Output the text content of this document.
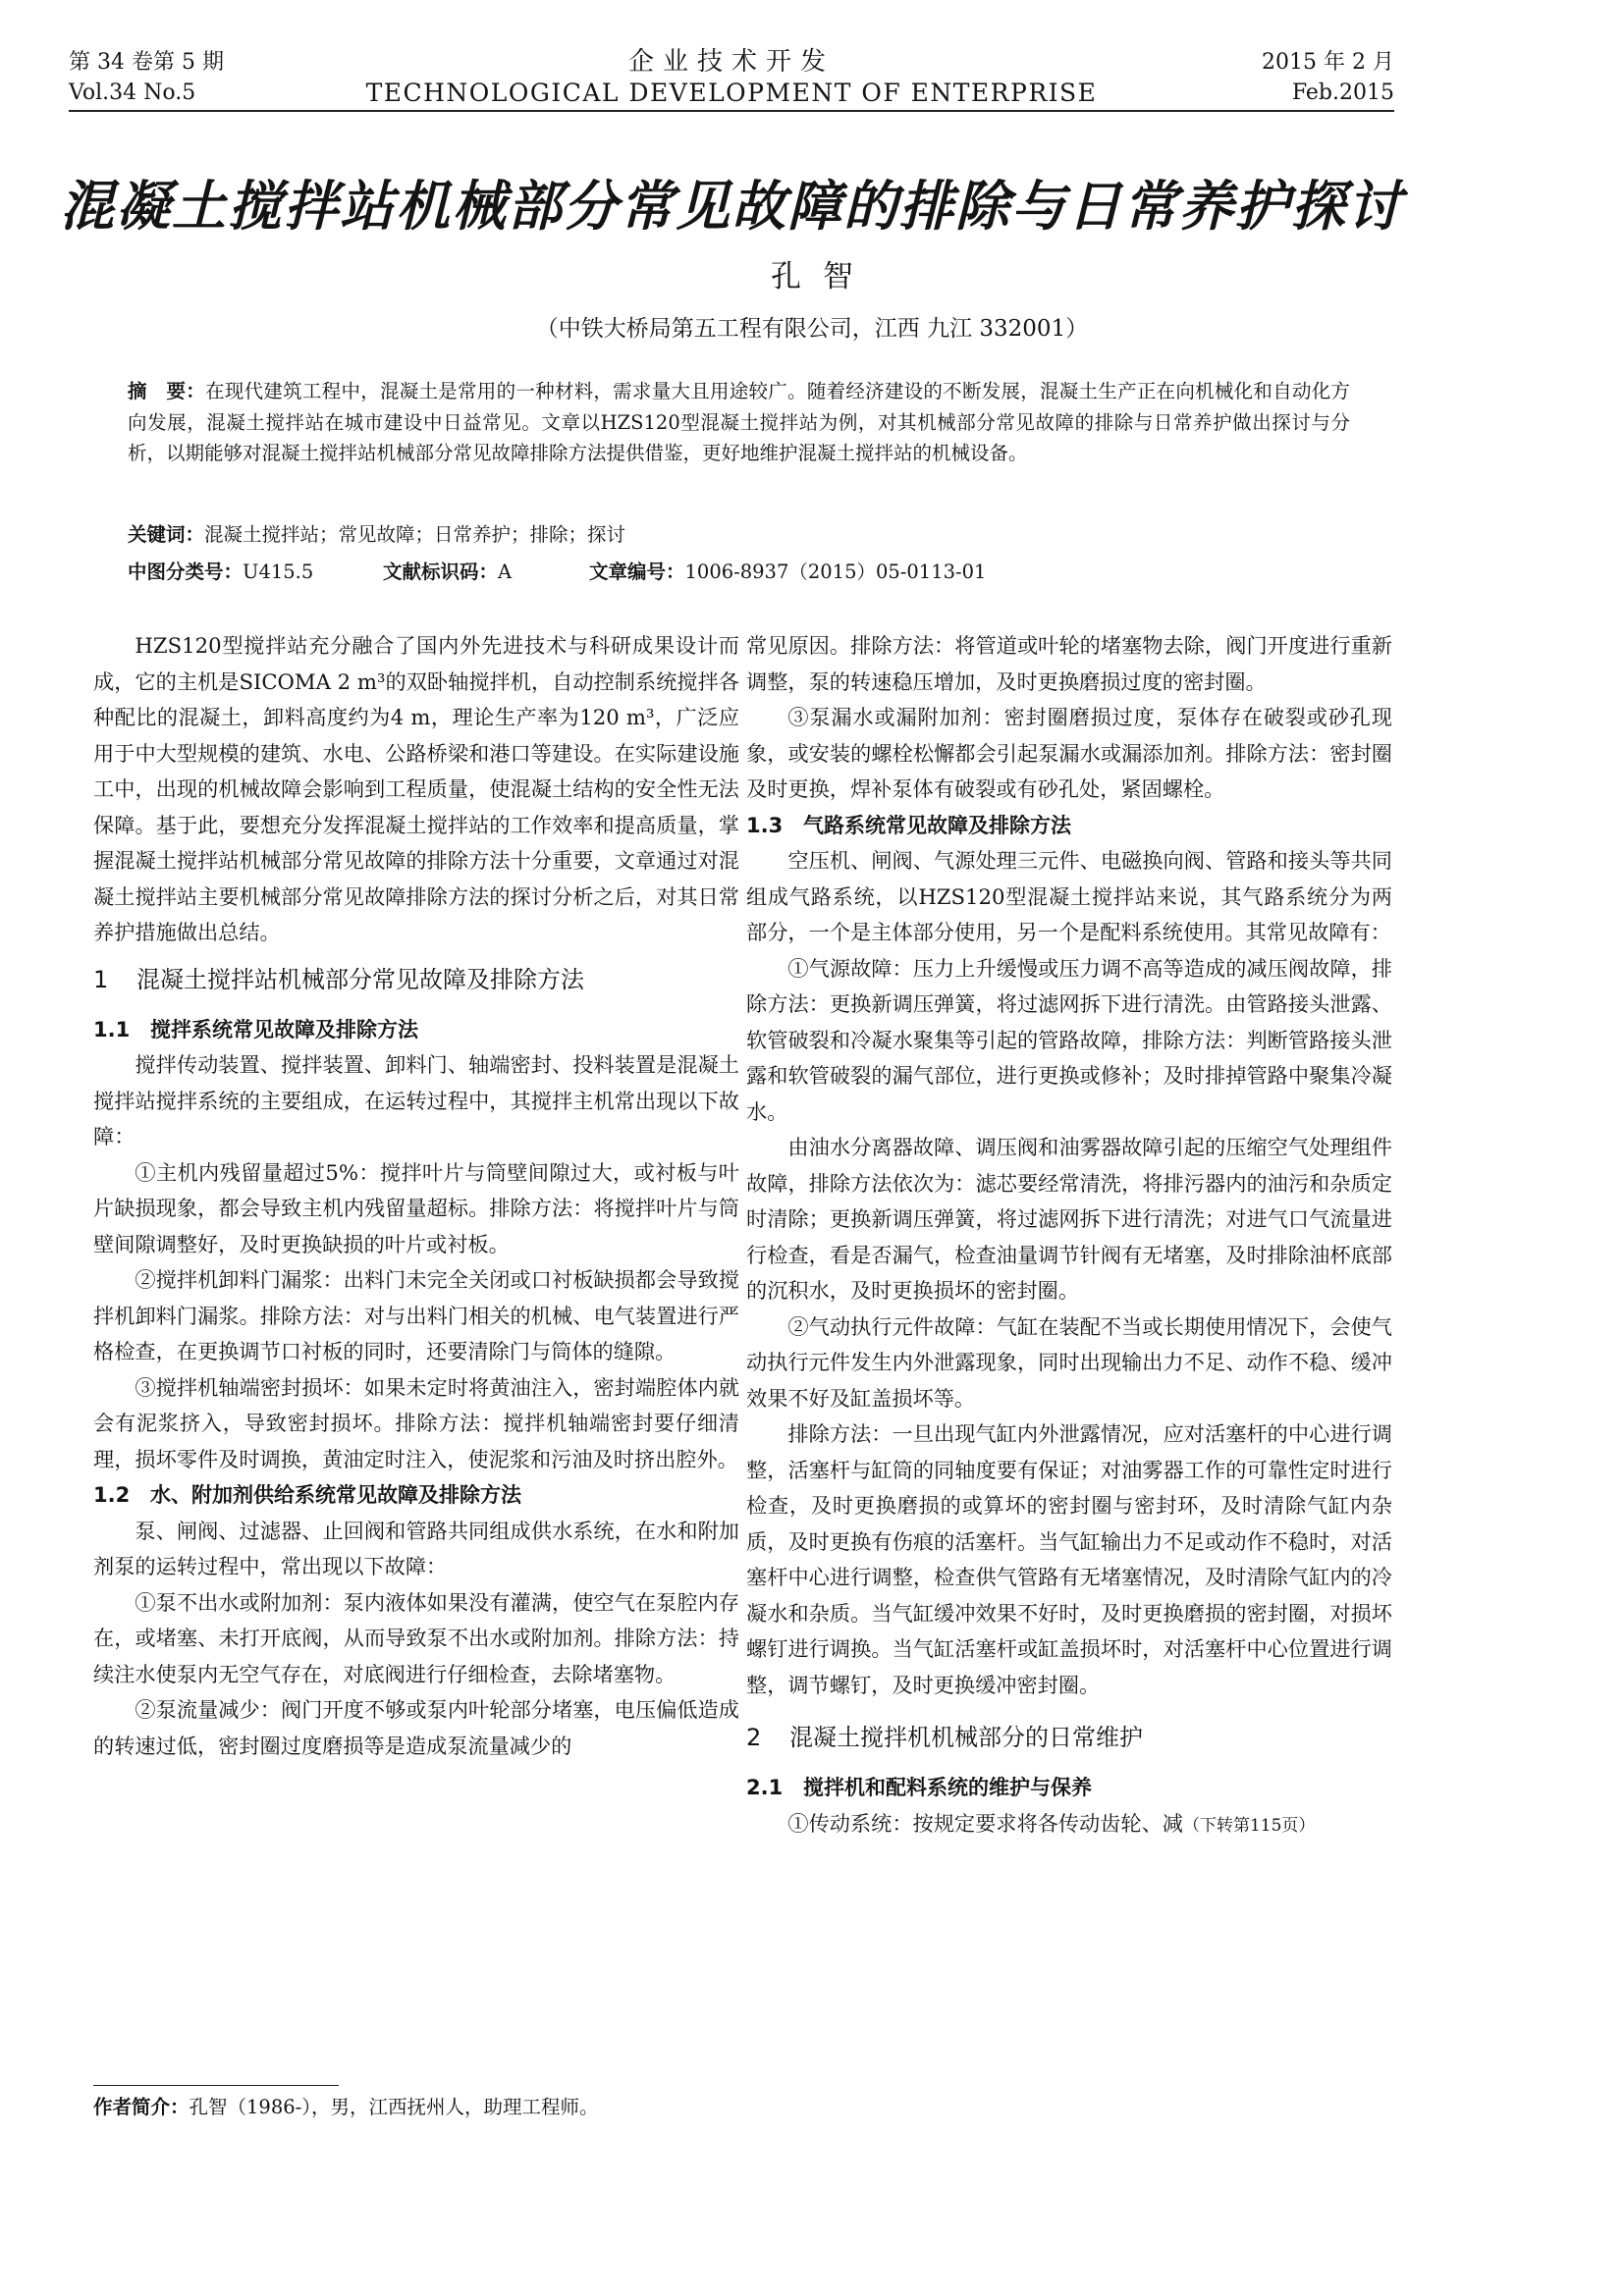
第 34 卷第 5 期
Vol.34 No.5
企业技术开发
TECHNOLOGICAL DEVELOPMENT OF ENTERPRISE
2015 年 2 月
Feb.2015
混凝土搅拌站机械部分常见故障的排除与日常养护探讨
孔智
（中铁大桥局第五工程有限公司，江西 九江 332001）
摘　要：在现代建筑工程中，混凝土是常用的一种材料，需求量大且用途较广。随着经济建设的不断发展，混凝土生产正在向机械化和自动化方向发展，混凝土搅拌站在城市建设中日益常见。文章以HZS120型混凝土搅拌站为例，对其机械部分常见故障的排除与日常养护做出探讨与分析，以期能够对混凝土搅拌站机械部分常见故障排除方法提供借鉴，更好地维护混凝土搅拌站的机械设备。
关键词：混凝土搅拌站；常见故障；日常养护；排除；探讨
中图分类号：U415.5	文献标识码：A	文章编号：1006-8937（2015）05-0113-01

HZS120型搅拌站充分融合了国内外先进技术与科研成果设计而成，它的主机是SICOMA 2 m³的双卧轴搅拌机，自动控制系统搅拌各种配比的混凝土，卸料高度约为4 m，理论生产率为120 m³，广泛应用于中大型规模的建筑、水电、公路桥梁和港口等建设。在实际建设施工中，出现的机械故障会影响到工程质量，使混凝土结构的安全性无法保障。基于此，要想充分发挥混凝土搅拌站的工作效率和提高质量，掌握混凝土搅拌站机械部分常见故障的排除方法十分重要，文章通过对混凝土搅拌站主要机械部分常见故障排除方法的探讨分析之后，对其日常养护措施做出总结。

1 混凝土搅拌站机械部分常见故障及排除方法
1.1 搅拌系统常见故障及排除方法

搅拌传动装置、搅拌装置、卸料门、轴端密封、投料装置是混凝土搅拌站搅拌系统的主要组成，在运转过程中，其搅拌主机常出现以下故障：

①主机内残留量超过5%：搅拌叶片与筒壁间隙过大，或衬板与叶片缺损现象，都会导致主机内残留量超标。排除方法：将搅拌叶片与筒壁间隙调整好，及时更换缺损的叶片或衬板。

②搅拌机卸料门漏浆：出料门未完全关闭或口衬板缺损都会导致搅拌机卸料门漏浆。排除方法：对与出料门相关的机械、电气装置进行严格检查，在更换调节口衬板的同时，还要清除门与筒体的缝隙。

③搅拌机轴端密封损坏：如果未定时将黄油注入，密封端腔体内就会有泥浆挤入，导致密封损坏。排除方法：搅拌机轴端密封要仔细清理，损坏零件及时调换，黄油定时注入，使泥浆和污油及时挤出腔外。

1.2 水、附加剂供给系统常见故障及排除方法

泵、闸阀、过滤器、止回阀和管路共同组成供水系统，在水和附加剂泵的运转过程中，常出现以下故障：

①泵不出水或附加剂：泵内液体如果没有灌满，使空气在泵腔内存在，或堵塞、未打开底阀，从而导致泵不出水或附加剂。排除方法：持续注水使泵内无空气存在，对底阀进行仔细检查，去除堵塞物。

②泵流量减少：阀门开度不够或泵内叶轮部分堵塞，电压偏低造成的转速过低，密封圈过度磨损等是造成泵流量减少的

常见原因。排除方法：将管道或叶轮的堵塞物去除，阀门开度进行重新调整，泵的转速稳压增加，及时更换磨损过度的密封圈。

③泵漏水或漏附加剂：密封圈磨损过度，泵体存在破裂或砂孔现象，或安装的螺栓松懈都会引起泵漏水或漏添加剂。排除方法：密封圈及时更换，焊补泵体有破裂或有砂孔处，紧固螺栓。

1.3 气路系统常见故障及排除方法

空压机、闸阀、气源处理三元件、电磁换向阀、管路和接头等共同组成气路系统，以HZS120型混凝土搅拌站来说，其气路系统分为两部分，一个是主体部分使用，另一个是配料系统使用。其常见故障有：

①气源故障：压力上升缓慢或压力调不高等造成的减压阀故障，排除方法：更换新调压弹簧，将过滤网拆下进行清洗。由管路接头泄露、软管破裂和冷凝水聚集等引起的管路故障，排除方法：判断管路接头泄露和软管破裂的漏气部位，进行更换或修补；及时排掉管路中聚集冷凝水。

由油水分离器故障、调压阀和油雾器故障引起的压缩空气处理组件故障，排除方法依次为：滤芯要经常清洗，将排污器内的油污和杂质定时清除；更换新调压弹簧，将过滤网拆下进行清洗；对进气口气流量进行检查，看是否漏气，检查油量调节针阀有无堵塞，及时排除油杯底部的沉积水，及时更换损坏的密封圈。

②气动执行元件故障：气缸在装配不当或长期使用情况下，会使气动执行元件发生内外泄露现象，同时出现输出力不足、动作不稳、缓冲效果不好及缸盖损坏等。

排除方法：一旦出现气缸内外泄露情况，应对活塞杆的中心进行调整，活塞杆与缸筒的同轴度要有保证；对油雾器工作的可靠性定时进行检查，及时更换磨损的或算坏的密封圈与密封环，及时清除气缸内杂质，及时更换有伤痕的活塞杆。当气缸输出力不足或动作不稳时，对活塞杆中心进行调整，检查供气管路有无堵塞情况，及时清除气缸内的冷凝水和杂质。当气缸缓冲效果不好时，及时更换磨损的密封圈，对损坏螺钉进行调换。当气缸活塞杆或缸盖损坏时，对活塞杆中心位置进行调整，调节螺钉，及时更换缓冲密封圈。

2 混凝土搅拌机机械部分的日常维护
2.1 搅拌机和配料系统的维护与保养

①传动系统：按规定要求将各传动齿轮、减（下转第115页）

作者简介：孔智（1986-），男，江西抚州人，助理工程师。
